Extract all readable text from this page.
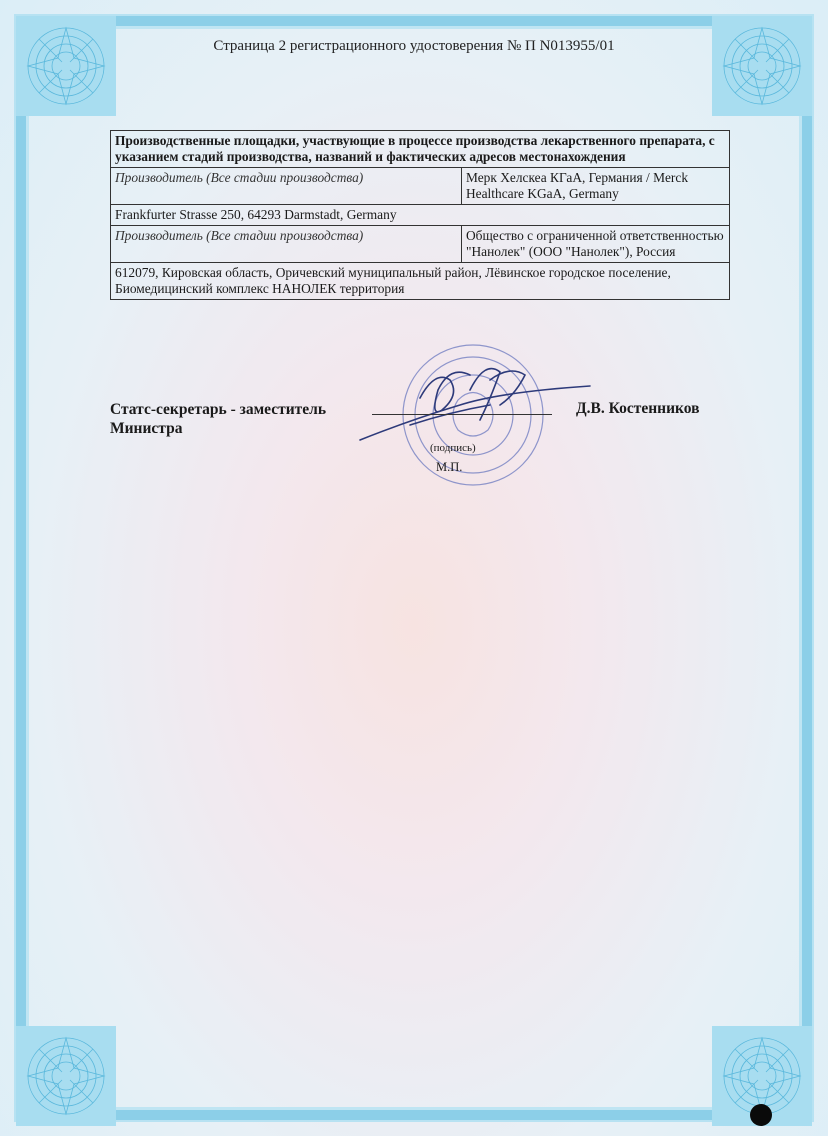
Страница 2 регистрационного удостоверения № П N013955/01
Производственные площадки, участвующие в процессе производства лекарственного препарата, с указанием стадий производства, названий и фактических адресов местонахождения	
Производитель (Все стадии производства)	Мерк Хелскеа КГаА, Германия / Merck Healthcare KGaA, Germany
Frankfurter Strasse 250, 64293 Darmstadt, Germany	
Производитель (Все стадии производства)	Общество с ограниченной ответственностью "Нанолек" (ООО "Нанолек"), Россия
612079, Кировская область, Оричевский муниципальный район, Лёвинское городское поселение, Биомедицинский комплекс НАНОЛЕК территория	
Статс-секретарь - заместитель
Министра
Д.В. Костенников
(подпись)
М.П.
